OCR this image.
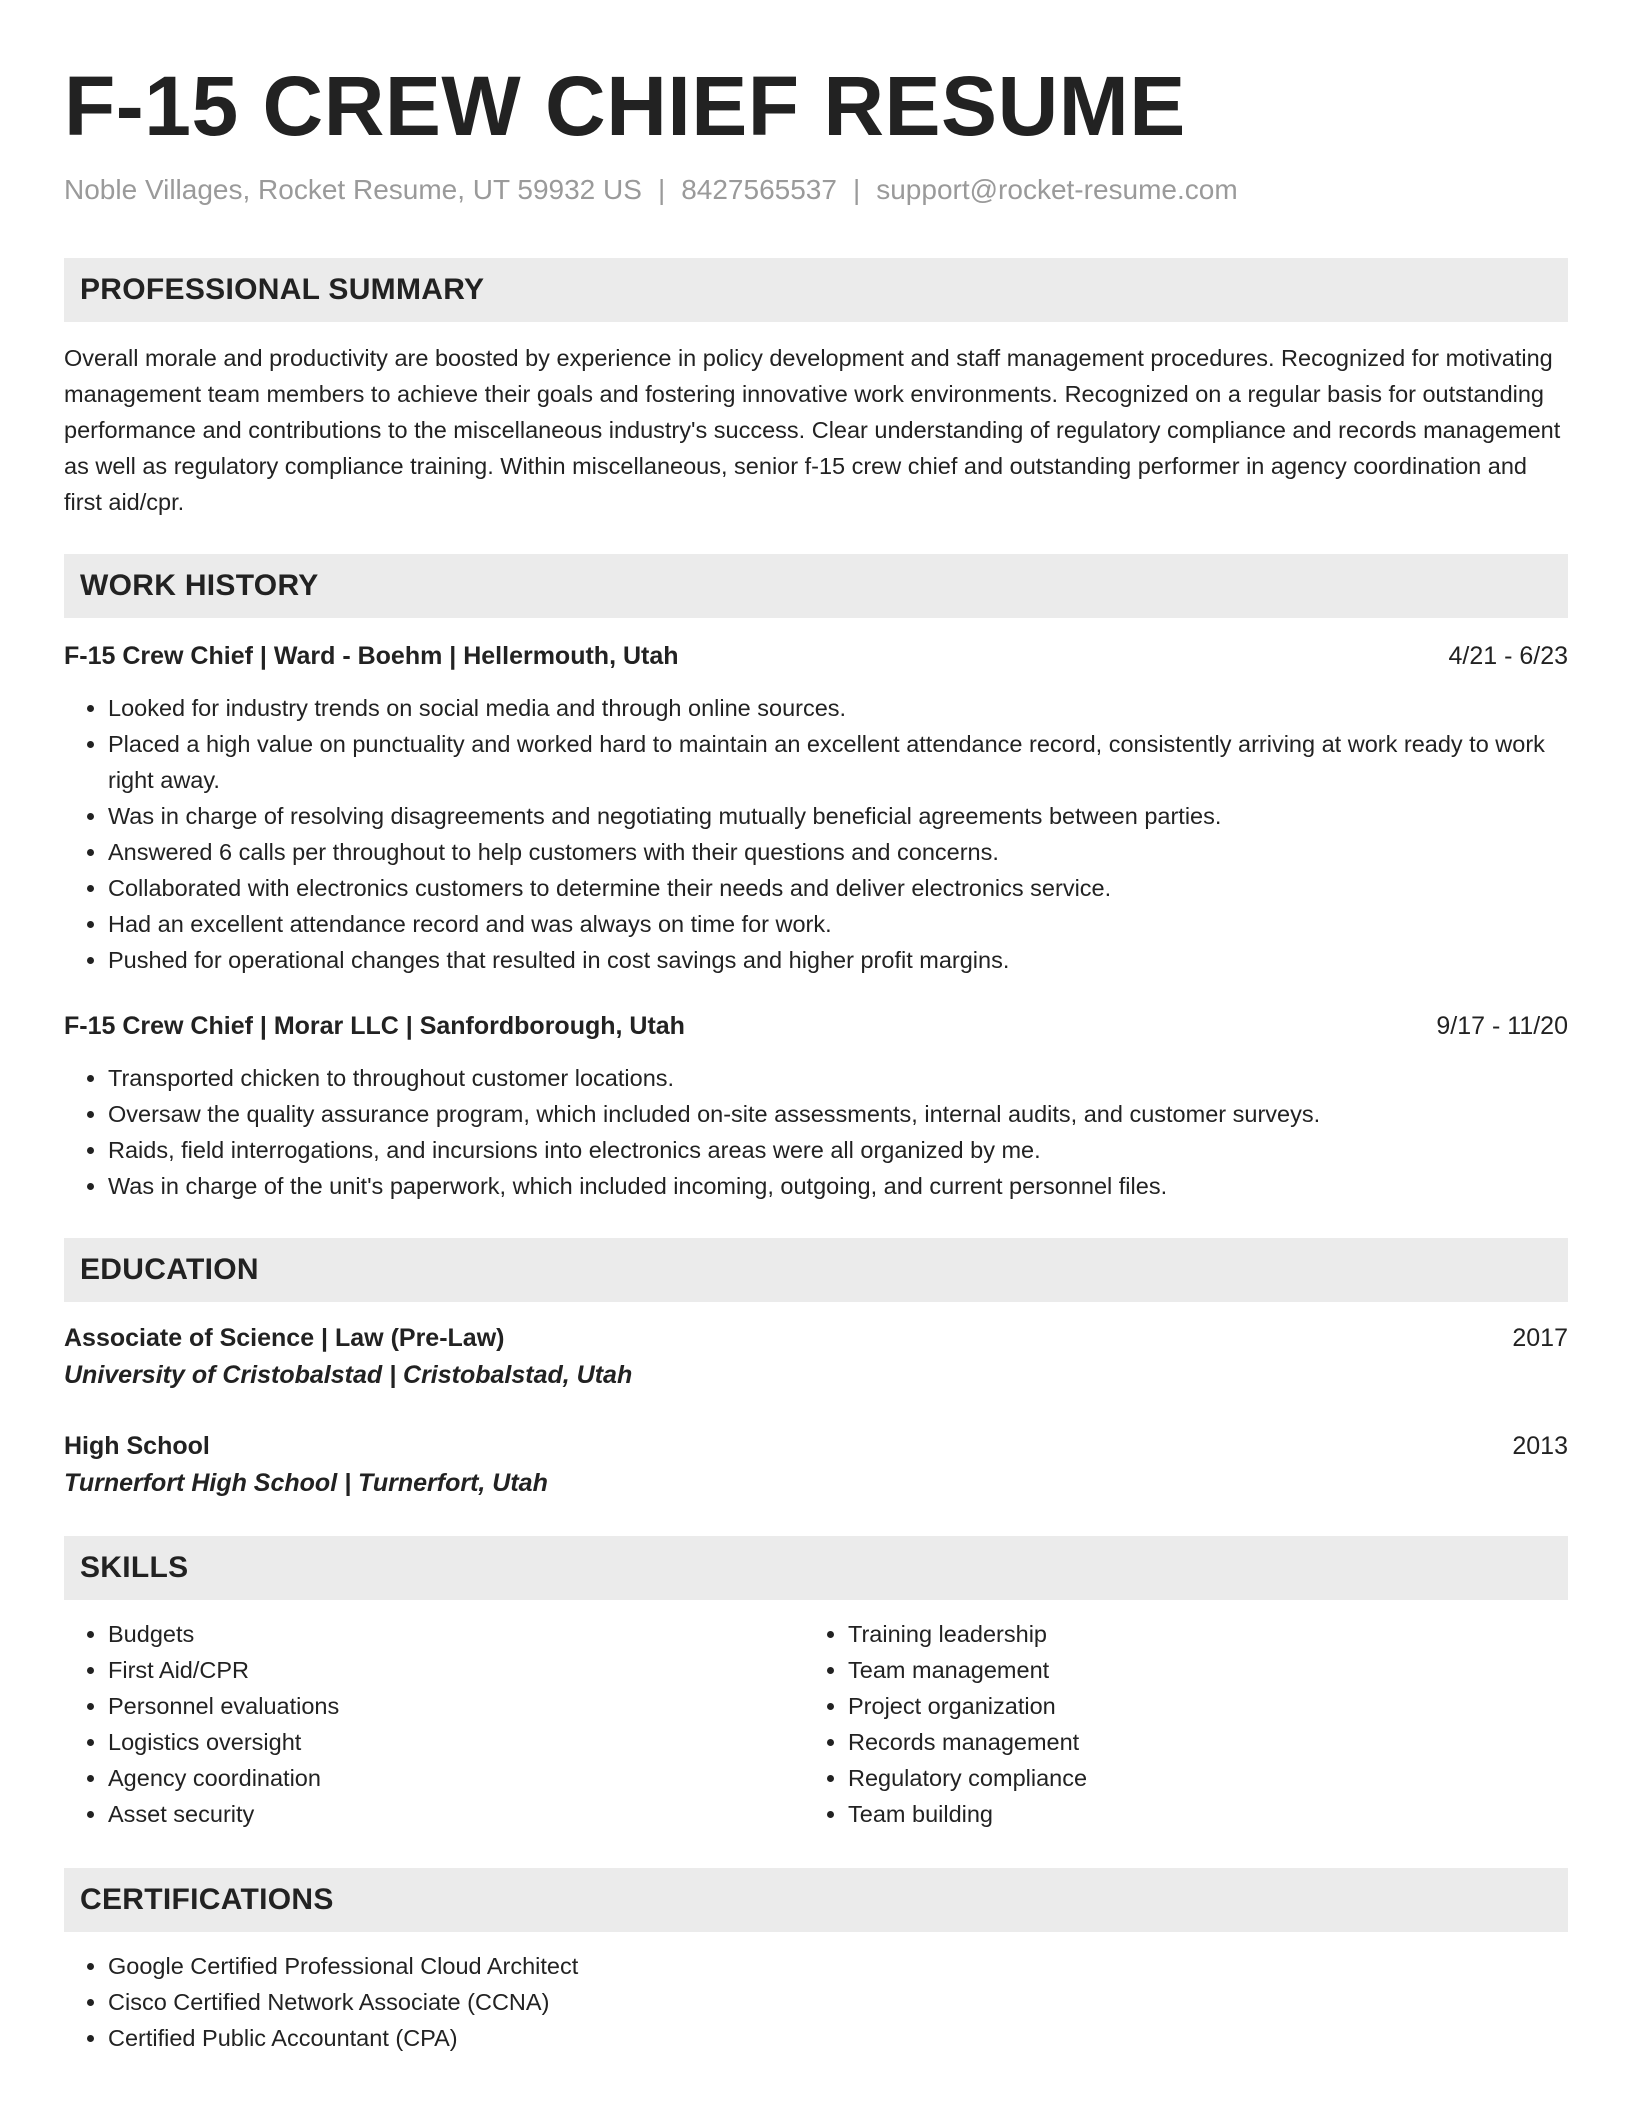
F-15 CREW CHIEF RESUME
Noble Villages, Rocket Resume, UT 59932 US | 8427565537 | support@rocket-resume.com
PROFESSIONAL SUMMARY

Overall morale and productivity are boosted by experience in policy development and staff management procedures. Recognized for motivating management team members to achieve their goals and fostering innovative work environments. Recognized on a regular basis for outstanding performance and contributions to the miscellaneous industry's success. Clear understanding of regulatory compliance and records management as well as regulatory compliance training. Within miscellaneous, senior f-15 crew chief and outstanding performer in agency coordination and first aid/cpr.

WORK HISTORY
F-15 Crew Chief | Ward - Boehm | Hellermouth, Utah	4/21 - 6/23
• Looked for industry trends on social media and through online sources.
• Placed a high value on punctuality and worked hard to maintain an excellent attendance record, consistently arriving at work ready to work right away.
• Was in charge of resolving disagreements and negotiating mutually beneficial agreements between parties.
• Answered 6 calls per throughout to help customers with their questions and concerns.
• Collaborated with electronics customers to determine their needs and deliver electronics service.
• Had an excellent attendance record and was always on time for work.
• Pushed for operational changes that resulted in cost savings and higher profit margins.
F-15 Crew Chief | Morar LLC | Sanfordborough, Utah	9/17 - 11/20
• Transported chicken to throughout customer locations.
• Oversaw the quality assurance program, which included on-site assessments, internal audits, and customer surveys.
• Raids, field interrogations, and incursions into electronics areas were all organized by me.
• Was in charge of the unit's paperwork, which included incoming, outgoing, and current personnel files.
EDUCATION
Associate of Science | Law (Pre-Law)	2017
University of Cristobalstad | Cristobalstad, Utah
High School	2013
Turnerfort High School | Turnerfort, Utah
SKILLS
• Budgets
• First Aid/CPR
• Personnel evaluations
• Logistics oversight
• Agency coordination
• Asset security
• Training leadership
• Team management
• Project organization
• Records management
• Regulatory compliance
• Team building
CERTIFICATIONS
• Google Certified Professional Cloud Architect
• Cisco Certified Network Associate (CCNA)
• Certified Public Accountant (CPA)
